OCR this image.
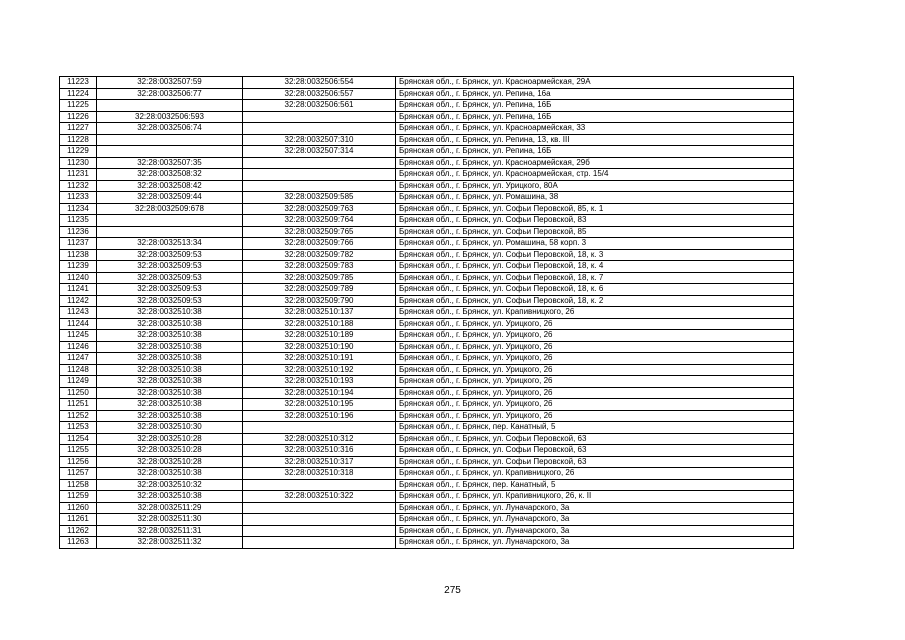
11223	32:28:0032507:59	32:28:0032506:554	Брянская обл., г. Брянск, ул. Красноармейская, 29А
11224	32:28:0032506:77	32:28:0032506:557	Брянская обл., г. Брянск, ул. Репина, 16а
11225		32:28:0032506:561	Брянская обл., г. Брянск, ул. Репина, 16Б
11226	32:28:0032506:593		Брянская обл., г. Брянск, ул. Репина, 16Б
11227	32:28:0032506:74		Брянская обл., г. Брянск, ул. Красноармейская, 33
11228		32:28:0032507:310	Брянская обл., г. Брянск, ул. Репина, 13, кв. III
11229		32:28:0032507:314	Брянская обл., г. Брянск, ул. Репина, 16Б
11230	32:28:0032507:35		Брянская обл., г. Брянск, ул. Красноармейская, 29б
11231	32:28:0032508:32		Брянская обл., г. Брянск, ул. Красноармейская, стр. 15/4
11232	32:28:0032508:42		Брянская обл., г. Брянск, ул. Урицкого, 80А
11233	32:28:0032509:44	32:28:0032509:585	Брянская обл., г. Брянск, ул. Ромашина, 38
11234	32:28:0032509:678	32:28:0032509:763	Брянская обл., г. Брянск, ул. Софьи Перовской, 85, к. 1
11235		32:28:0032509:764	Брянская обл., г. Брянск, ул. Софьи Перовской, 83
11236		32:28:0032509:765	Брянская обл., г. Брянск, ул. Софьи Перовской, 85
11237	32:28:0032513:34	32:28:0032509:766	Брянская обл., г. Брянск, ул. Ромашина, 58 корп. 3
11238	32:28:0032509:53	32:28:0032509:782	Брянская обл., г. Брянск, ул. Софьи Перовской, 18, к. 3
11239	32:28:0032509:53	32:28:0032509:783	Брянская обл., г. Брянск, ул. Софьи Перовской, 18, к. 4
11240	32:28:0032509:53	32:28:0032509:785	Брянская обл., г. Брянск, ул. Софьи Перовской, 18, к. 7
11241	32:28:0032509:53	32:28:0032509:789	Брянская обл., г. Брянск, ул. Софьи Перовской, 18, к. 6
11242	32:28:0032509:53	32:28:0032509:790	Брянская обл., г. Брянск, ул. Софьи Перовской, 18, к. 2
11243	32:28:0032510:38	32:28:0032510:137	Брянская обл., г. Брянск, ул. Крапивницкого, 26
11244	32:28:0032510:38	32:28:0032510:188	Брянская обл., г. Брянск, ул. Урицкого, 26
11245	32:28:0032510:38	32:28:0032510:189	Брянская обл., г. Брянск, ул. Урицкого, 26
11246	32:28:0032510:38	32:28:0032510:190	Брянская обл., г. Брянск, ул. Урицкого, 26
11247	32:28:0032510:38	32:28:0032510:191	Брянская обл., г. Брянск, ул. Урицкого, 26
11248	32:28:0032510:38	32:28:0032510:192	Брянская обл., г. Брянск, ул. Урицкого, 26
11249	32:28:0032510:38	32:28:0032510:193	Брянская обл., г. Брянск, ул. Урицкого, 26
11250	32:28:0032510:38	32:28:0032510:194	Брянская обл., г. Брянск, ул. Урицкого, 26
11251	32:28:0032510:38	32:28:0032510:195	Брянская обл., г. Брянск, ул. Урицкого, 26
11252	32:28:0032510:38	32:28:0032510:196	Брянская обл., г. Брянск, ул. Урицкого, 26
11253	32:28:0032510:30		Брянская обл., г. Брянск, пер. Канатный, 5
11254	32:28:0032510:28	32:28:0032510:312	Брянская обл., г. Брянск, ул. Софьи Перовской, 63
11255	32:28:0032510:28	32:28:0032510:316	Брянская обл., г. Брянск, ул. Софьи Перовской, 63
11256	32:28:0032510:28	32:28:0032510:317	Брянская обл., г. Брянск, ул. Софьи Перовской, 63
11257	32:28:0032510:38	32:28:0032510:318	Брянская обл., г. Брянск, ул. Крапивницкого, 26
11258	32:28:0032510:32		Брянская обл., г. Брянск, пер. Канатный, 5
11259	32:28:0032510:38	32:28:0032510:322	Брянская обл., г. Брянск, ул. Крапивницкого, 26, к. II
11260	32:28:0032511:29		Брянская обл., г. Брянск, ул. Луначарского, 3а
11261	32:28:0032511:30		Брянская обл., г. Брянск, ул. Луначарского, 3а
11262	32:28:0032511:31		Брянская обл., г. Брянск, ул. Луначарского, 3а
11263	32:28:0032511:32		Брянская обл., г. Брянск, ул. Луначарского, 3а
275
